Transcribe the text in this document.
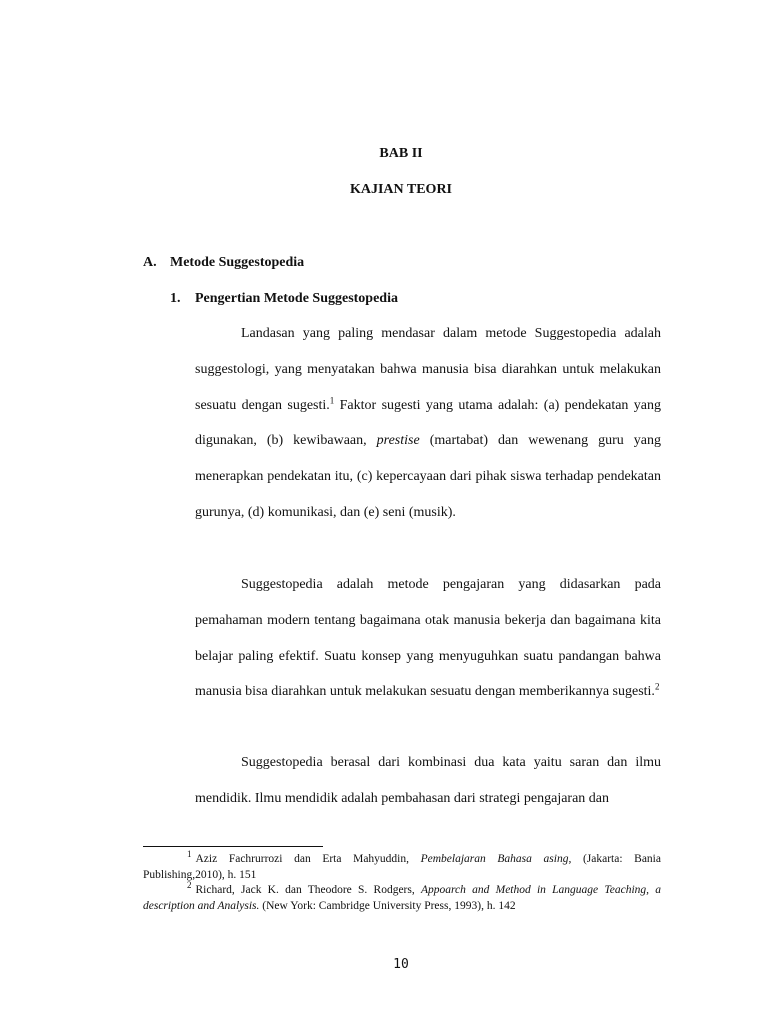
BAB II
KAJIAN TEORI
A. Metode Suggestopedia
1. Pengertian Metode Suggestopedia

Landasan yang paling mendasar dalam metode Suggestopedia adalah suggestologi, yang menyatakan bahwa manusia bisa diarahkan untuk melakukan sesuatu dengan sugesti.$^1$ Faktor sugesti yang utama adalah: (a) pendekatan yang digunakan, (b) kewibawaan, prestise (martabat) dan wewenang guru yang menerapkan pendekatan itu, (c) kepercayaan dari pihak siswa terhadap pendekatan gurunya, (d) komunikasi, dan (e) seni (musik).

Suggestopedia adalah metode pengajaran yang didasarkan pada pemahaman modern tentang bagaimana otak manusia bekerja dan bagaimana kita belajar paling efektif. Suatu konsep yang menyuguhkan suatu pandangan bahwa manusia bisa diarahkan untuk melakukan sesuatu dengan memberikannya sugesti.$^2$

Suggestopedia berasal dari kombinasi dua kata yaitu saran dan ilmu mendidik. Ilmu mendidik adalah pembahasan dari strategi pengajaran dan

$^1$ Aziz Fachrurrozi dan Erta Mahyuddin, Pembelajaran Bahasa asing, (Jakarta: Bania Publishing,2010), h. 151

$^2$ Richard, Jack K. dan Theodore S. Rodgers, Appoarch and Method in Language Teaching, a description and Analysis. (New York: Cambridge University Press, 1993), h. 142

10
